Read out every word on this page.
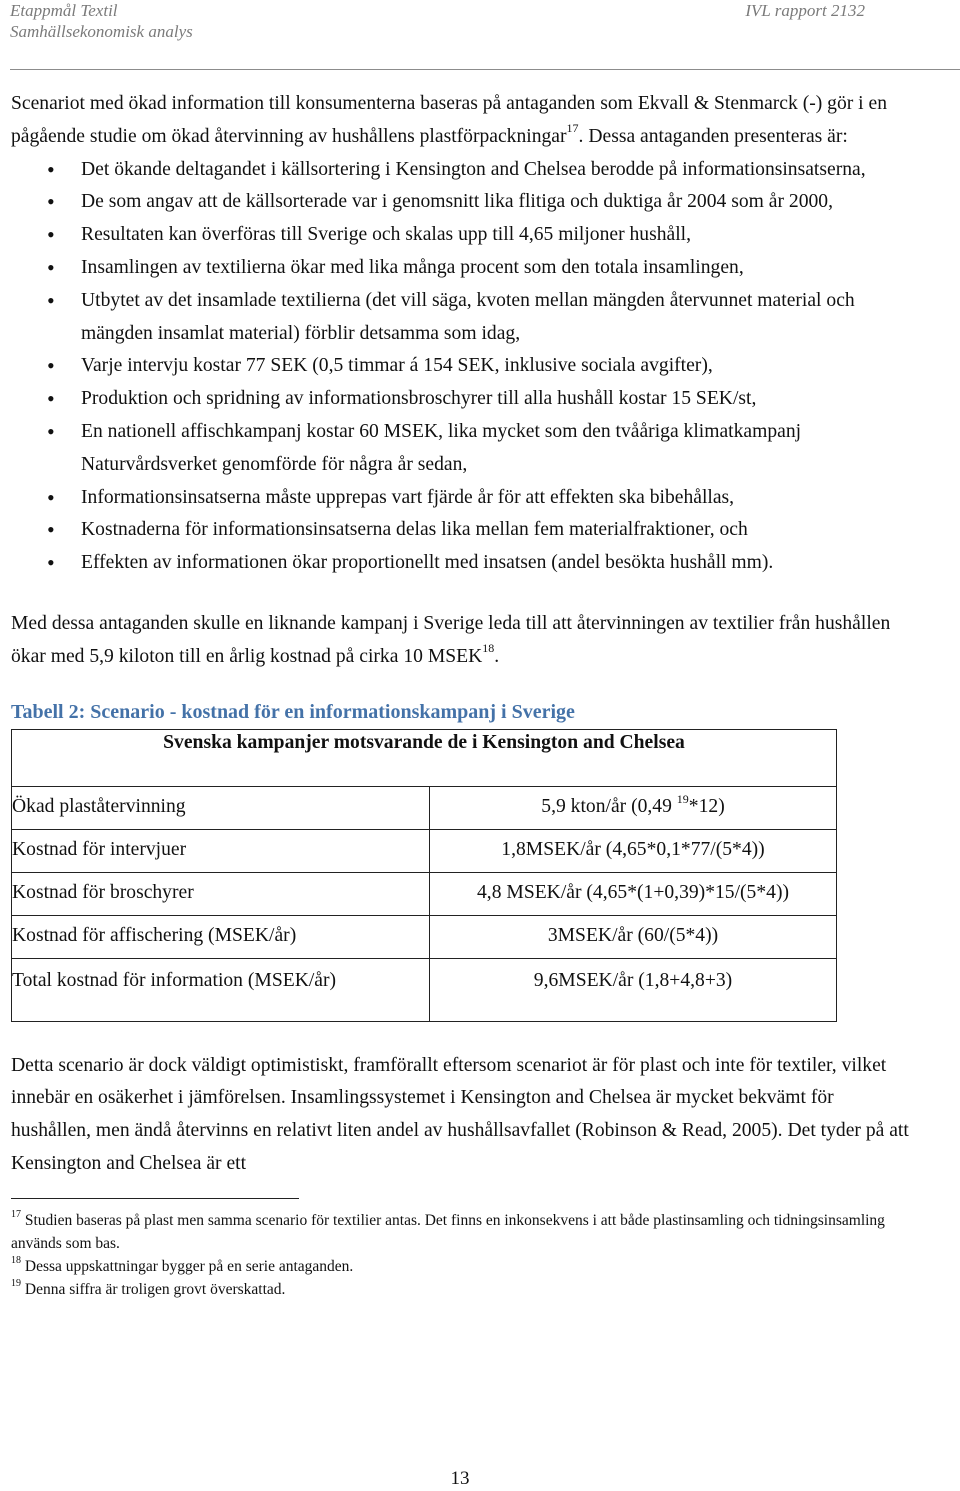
Etappmål Textil
Samhällsekonomisk analys
IVL rapport 2132

Scenariot med ökad information till konsumenterna baseras på antaganden som Ekvall & Stenmarck (-) gör i en pågående studie om ökad återvinning av hushållens plastförpackningar$^{17}$. Dessa antaganden presenteras är:

• Det ökande deltagandet i källsortering i Kensington and Chelsea berodde på informationsinsatserna,
• De som angav att de källsorterade var i genomsnitt lika flitiga och duktiga år 2004 som år 2000,
• Resultaten kan överföras till Sverige och skalas upp till 4,65 miljoner hushåll,
• Insamlingen av textilierna ökar med lika många procent som den totala insamlingen,
• Utbytet av det insamlade textilierna (det vill säga, kvoten mellan mängden återvunnet material och mängden insamlat material) förblir detsamma som idag,
• Varje intervju kostar 77 SEK (0,5 timmar á 154 SEK, inklusive sociala avgifter),
• Produktion och spridning av informationsbroschyrer till alla hushåll kostar 15 SEK/st,
• En nationell affischkampanj kostar 60 MSEK, lika mycket som den tvååriga klimatkampanj Naturvårdsverket genomförde för några år sedan,
• Informationsinsatserna måste upprepas vart fjärde år för att effekten ska bibehållas,
• Kostnaderna för informationsinsatserna delas lika mellan fem materialfraktioner, och
• Effekten av informationen ökar proportionellt med insatsen (andel besökta hushåll mm).

Med dessa antaganden skulle en liknande kampanj i Sverige leda till att återvinningen av textilier från hushållen ökar med 5,9 kiloton till en årlig kostnad på cirka 10 MSEK$^{18}$.

Tabell 2: Scenario - kostnad för en informationskampanj i Sverige
Svenska kampanjer motsvarande de i Kensington and Chelsea	
Ökad plaståtervinning	5,9 kton/år (0,49 $^{19}$*12)
Kostnad för intervjuer	1,8MSEK/år (4,65*0,1*77/(5*4))
Kostnad för broschyrer	4,8 MSEK/år (4,65*(1+0,39)*15/(5*4))
Kostnad för affischering (MSEK/år)	3MSEK/år (60/(5*4))
Total kostnad för information (MSEK/år)	9,6MSEK/år (1,8+4,8+3)

Detta scenario är dock väldigt optimistiskt, framförallt eftersom scenariot är för plast och inte för textiler, vilket innebär en osäkerhet i jämförelsen. Insamlingssystemet i Kensington and Chelsea är mycket bekvämt för hushållen, men ändå återvinns en relativt liten andel av hushållsavfallet (Robinson & Read, 2005). Det tyder på att Kensington and Chelsea är ett

$^{17}$ Studien baseras på plast men samma scenario för textilier antas. Det finns en inkonsekvens i att både plastinsamling och tidningsinsamling används som bas.
$^{18}$ Dessa uppskattningar bygger på en serie antaganden.
$^{19}$ Denna siffra är troligen grovt överskattad.
13
